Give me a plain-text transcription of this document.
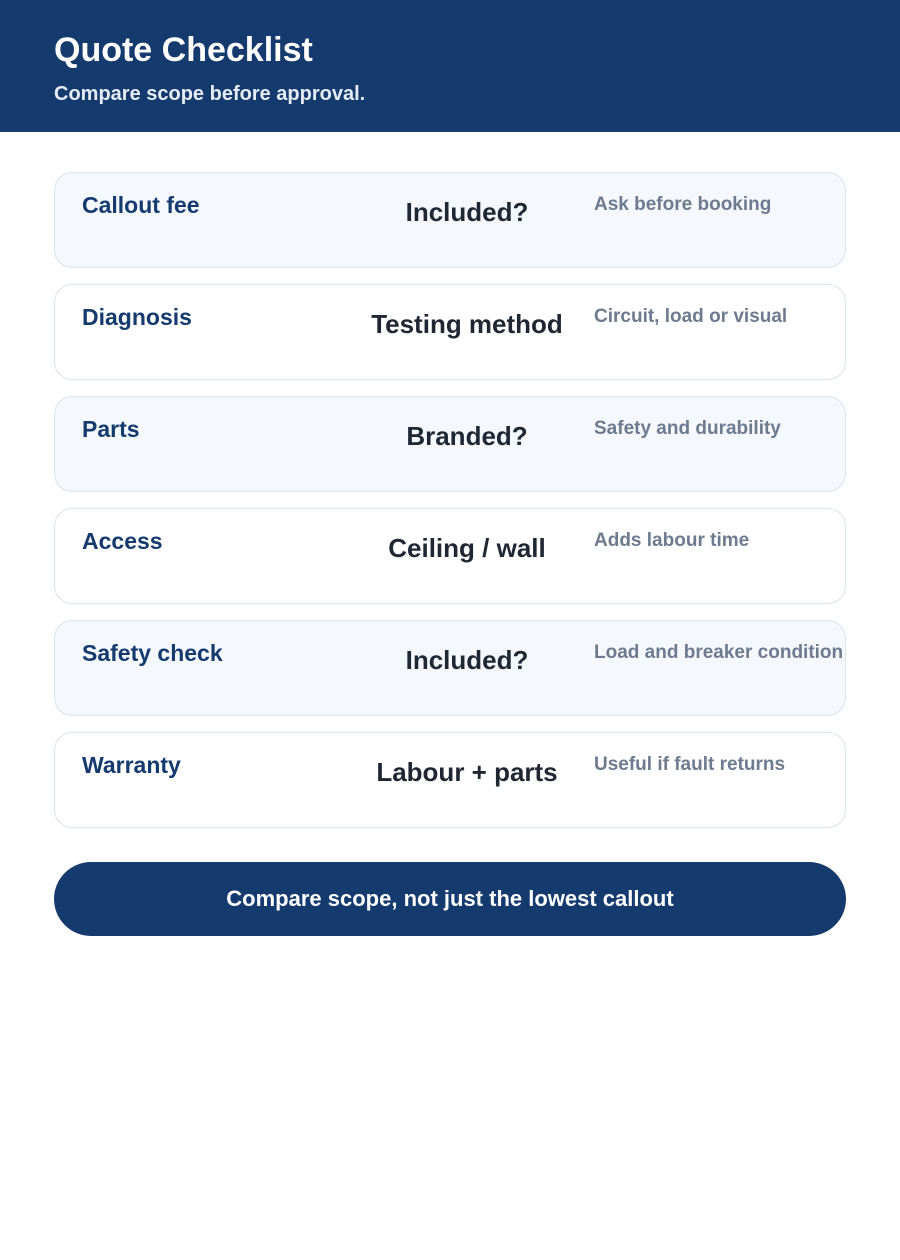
Quote Checklist

Compare scope before approval.

Callout fee	Included?	Ask before booking
Diagnosis	Testing method	Circuit, load or visual
Parts	Branded?	Safety and durability
Access	Ceiling / wall	Adds labour time
Safety check	Included?	Load and breaker condition
Warranty	Labour + parts	Useful if fault returns
Compare scope, not just the lowest callout
